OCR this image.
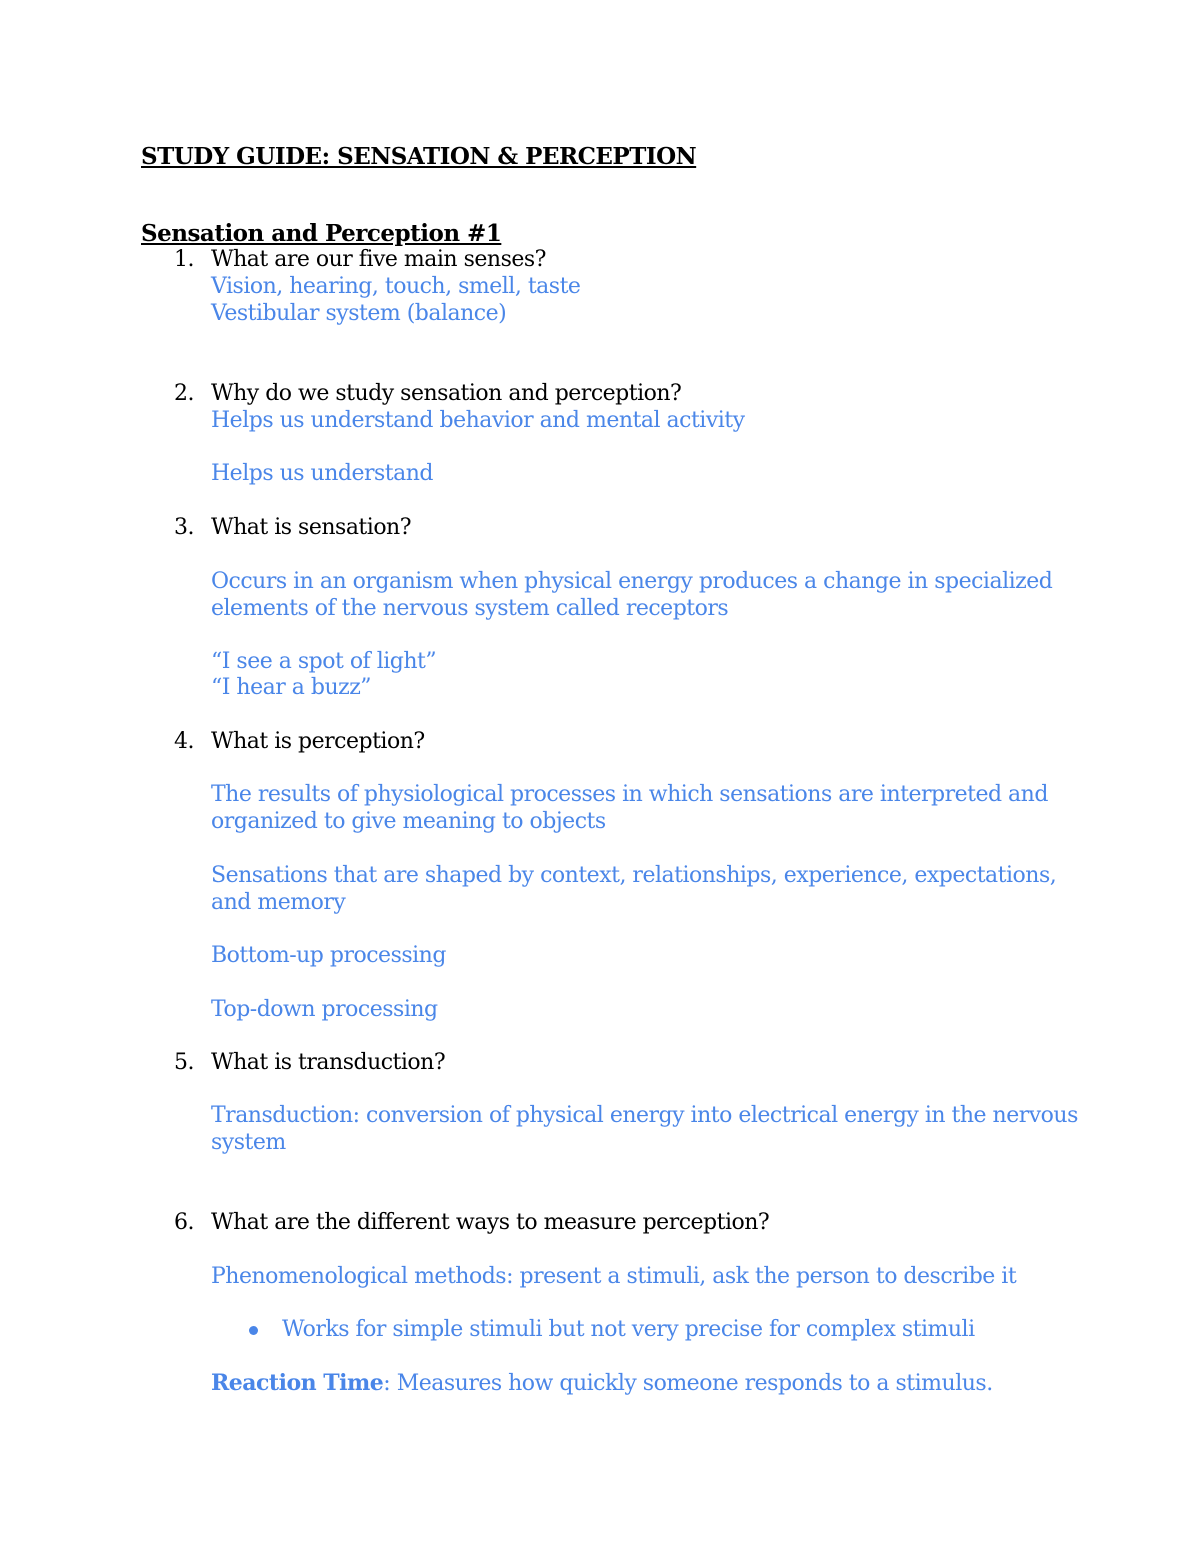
STUDY GUIDE: SENSATION & PERCEPTION

Sensation and Perception #1

1. What are our five main senses?
Vision, hearing, touch, smell, taste
Vestibular system (balance)
2. Why do we study sensation and perception?
Helps us understand behavior and mental activity
Helps us understand
3. What is sensation?
Occurs in an organism when physical energy produces a change in specialized
elements of the nervous system called receptors
“I see a spot of light”
“I hear a buzz”
4. What is perception?
The results of physiological processes in which sensations are interpreted and
organized to give meaning to objects
Sensations that are shaped by context, relationships, experience, expectations,
and memory
Bottom-up processing
Top-down processing
5. What is transduction?
Transduction: conversion of physical energy into electrical energy in the nervous
system
6. What are the different ways to measure perception?
Phenomenological methods: present a stimuli, ask the person to describe it
Works for simple stimuli but not very precise for complex stimuli
Reaction Time: Measures how quickly someone responds to a stimulus.
